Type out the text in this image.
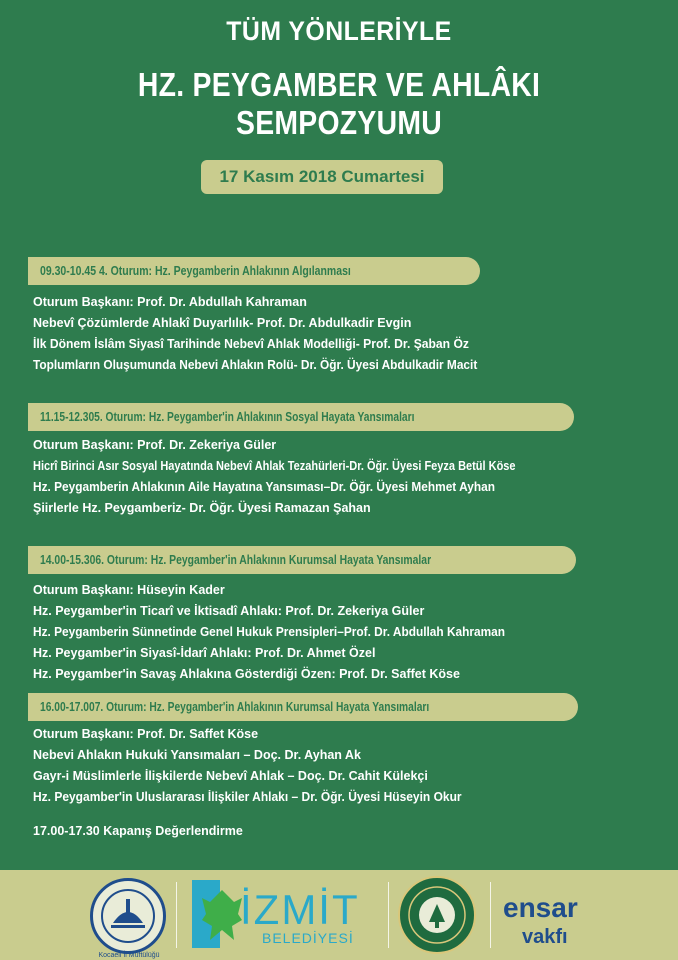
TÜM YÖNLERİYLE
HZ. PEYGAMBER VE AHLÂKI SEMPOZYUMU
17 Kasım 2018 Cumartesi
09.30-10.45 4. Oturum: Hz. Peygamberin Ahlakının Algılanması
Oturum Başkanı: Prof. Dr. Abdullah Kahraman
Nebevî Çözümlerde Ahlakî Duyarlılık- Prof. Dr. Abdulkadir Evgin
İlk Dönem İslâm Siyasî Tarihinde Nebevî Ahlak Modelliği- Prof. Dr. Şaban Öz
Toplumların Oluşumunda Nebevi Ahlakın Rolü- Dr. Öğr. Üyesi Abdulkadir Macit
11.15-12.305. Oturum: Hz. Peygamber'in Ahlakının Sosyal Hayata Yansımaları
Oturum Başkanı: Prof. Dr. Zekeriya Güler
Hicrî Birinci Asır Sosyal Hayatında Nebevî Ahlak Tezahürleri-Dr. Öğr. Üyesi Feyza Betül Köse
Hz. Peygamberin Ahlakının Aile Hayatına Yansıması–Dr. Öğr. Üyesi Mehmet Ayhan
Şiirlerle Hz. Peygamberiz- Dr. Öğr. Üyesi Ramazan Şahan
14.00-15.306. Oturum: Hz. Peygamber'in Ahlakının Kurumsal Hayata Yansımalar
Oturum Başkanı: Hüseyin Kader
Hz. Peygamber'in Ticarî ve İktisadî Ahlakı: Prof. Dr. Zekeriya Güler
Hz. Peygamberin Sünnetinde Genel Hukuk Prensipleri–Prof. Dr. Abdullah Kahraman
Hz. Peygamber'in Siyasî-İdarî Ahlakı: Prof. Dr. Ahmet Özel
Hz. Peygamber'in Savaş Ahlakına Gösterdiği Özen: Prof. Dr. Saffet Köse
16.00-17.007. Oturum: Hz. Peygamber'in Ahlakının Kurumsal Hayata Yansımaları
Oturum Başkanı: Prof. Dr. Saffet Köse
Nebevi Ahlakın Hukuki Yansımaları – Doç. Dr. Ayhan Ak
Gayr-i Müslimlerle İlişkilerde Nebevî Ahlak – Doç. Dr. Cahit Külekçi
Hz. Peygamber'in Uluslararası İlişkiler Ahlakı – Dr. Öğr. Üyesi Hüseyin Okur
17.00-17.30 Kapanış Değerlendirme
Kocaeli İl Müftülüğü
İZMİT
BELEDİYESİ
ensar
vakfı
